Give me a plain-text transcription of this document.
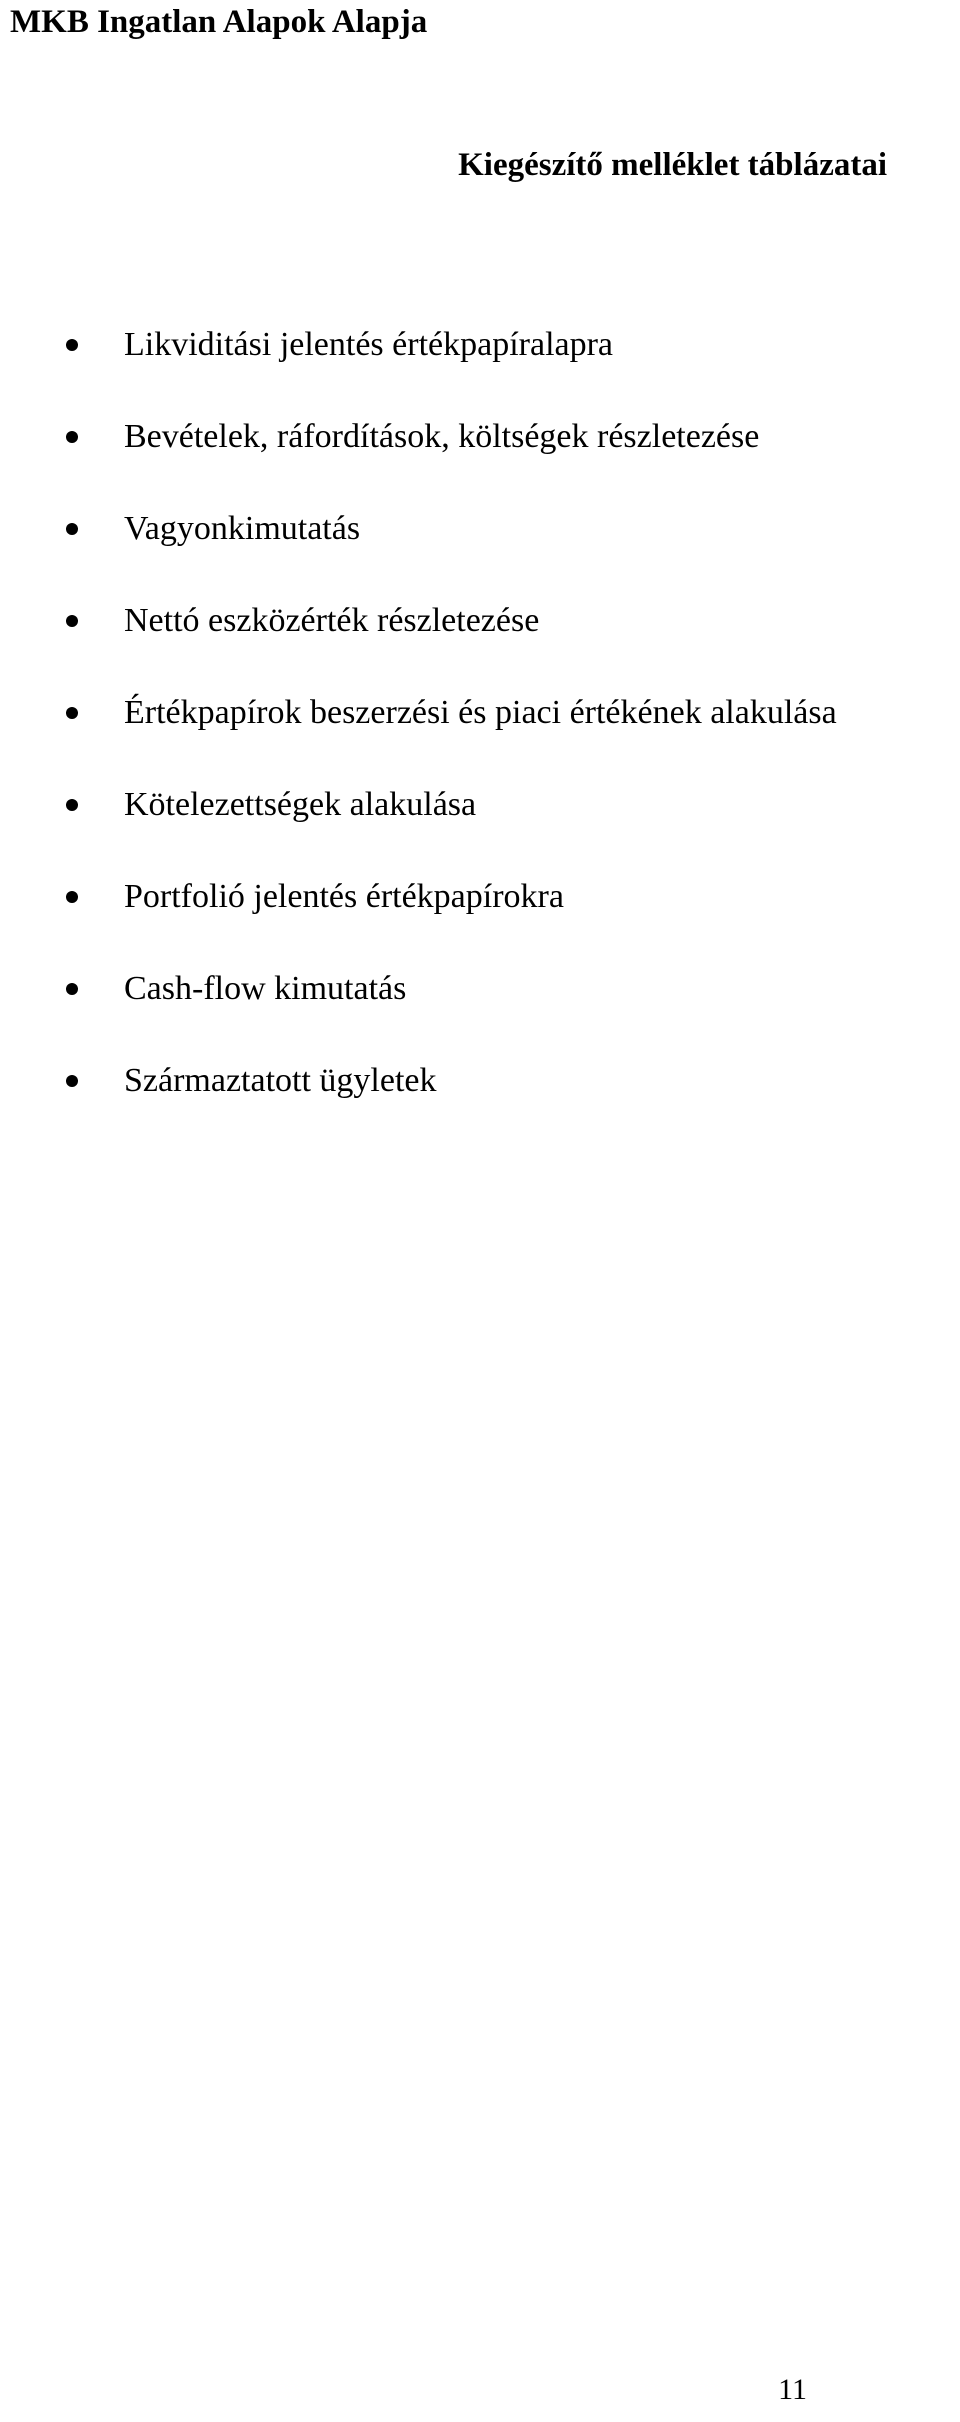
MKB Ingatlan Alapok Alapja
Kiegészítő melléklet táblázatai
Likviditási jelentés értékpapíralapra
Bevételek, ráfordítások, költségek részletezése
Vagyonkimutatás
Nettó eszközérték részletezése
Értékpapírok beszerzési és piaci értékének alakulása
Kötelezettségek alakulása
Portfolió jelentés értékpapírokra
Cash-flow kimutatás
Származtatott ügyletek
11
